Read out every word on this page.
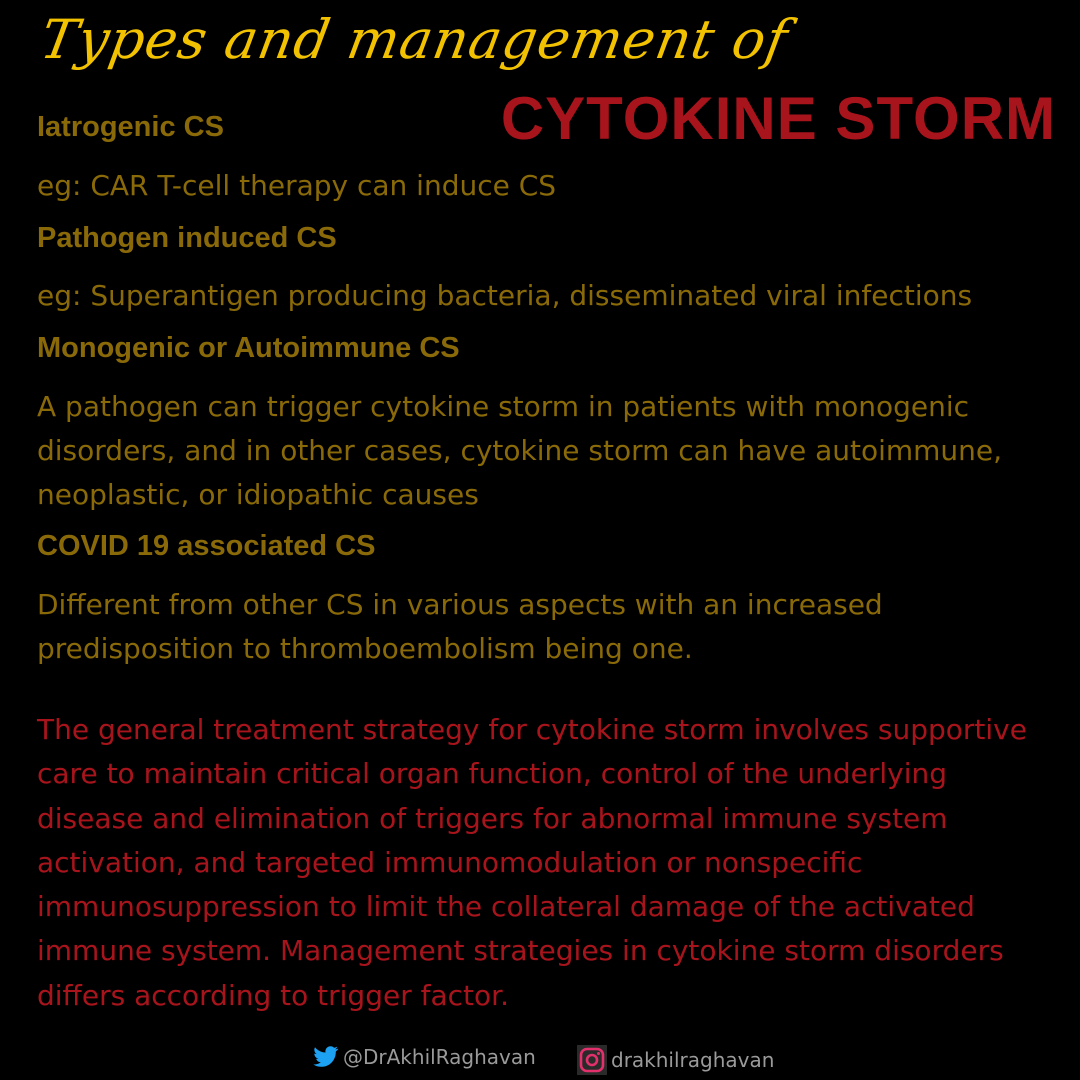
Types and management of
CYTOKINE STORM
Iatrogenic CS
eg: CAR T-cell therapy can induce CS
Pathogen induced CS
eg: Superantigen producing bacteria, disseminated viral infections
Monogenic or Autoimmune CS
A pathogen can trigger cytokine storm in patients with monogenic disorders, and in other cases, cytokine storm can have autoimmune, neoplastic, or idiopathic causes
COVID 19 associated CS
Different from other CS in various aspects with an increased predisposition to thromboembolism being one.
The general treatment strategy for cytokine storm involves supportive care to maintain critical organ function, control of the underlying disease and elimination of triggers for abnormal immune system activation, and targeted immunomodulation or nonspecific immunosuppression to limit the collateral damage of the activated immune system. Management strategies in cytokine storm disorders differs according to trigger factor.
@DrAkhilRaghavan	drakhilraghavan
